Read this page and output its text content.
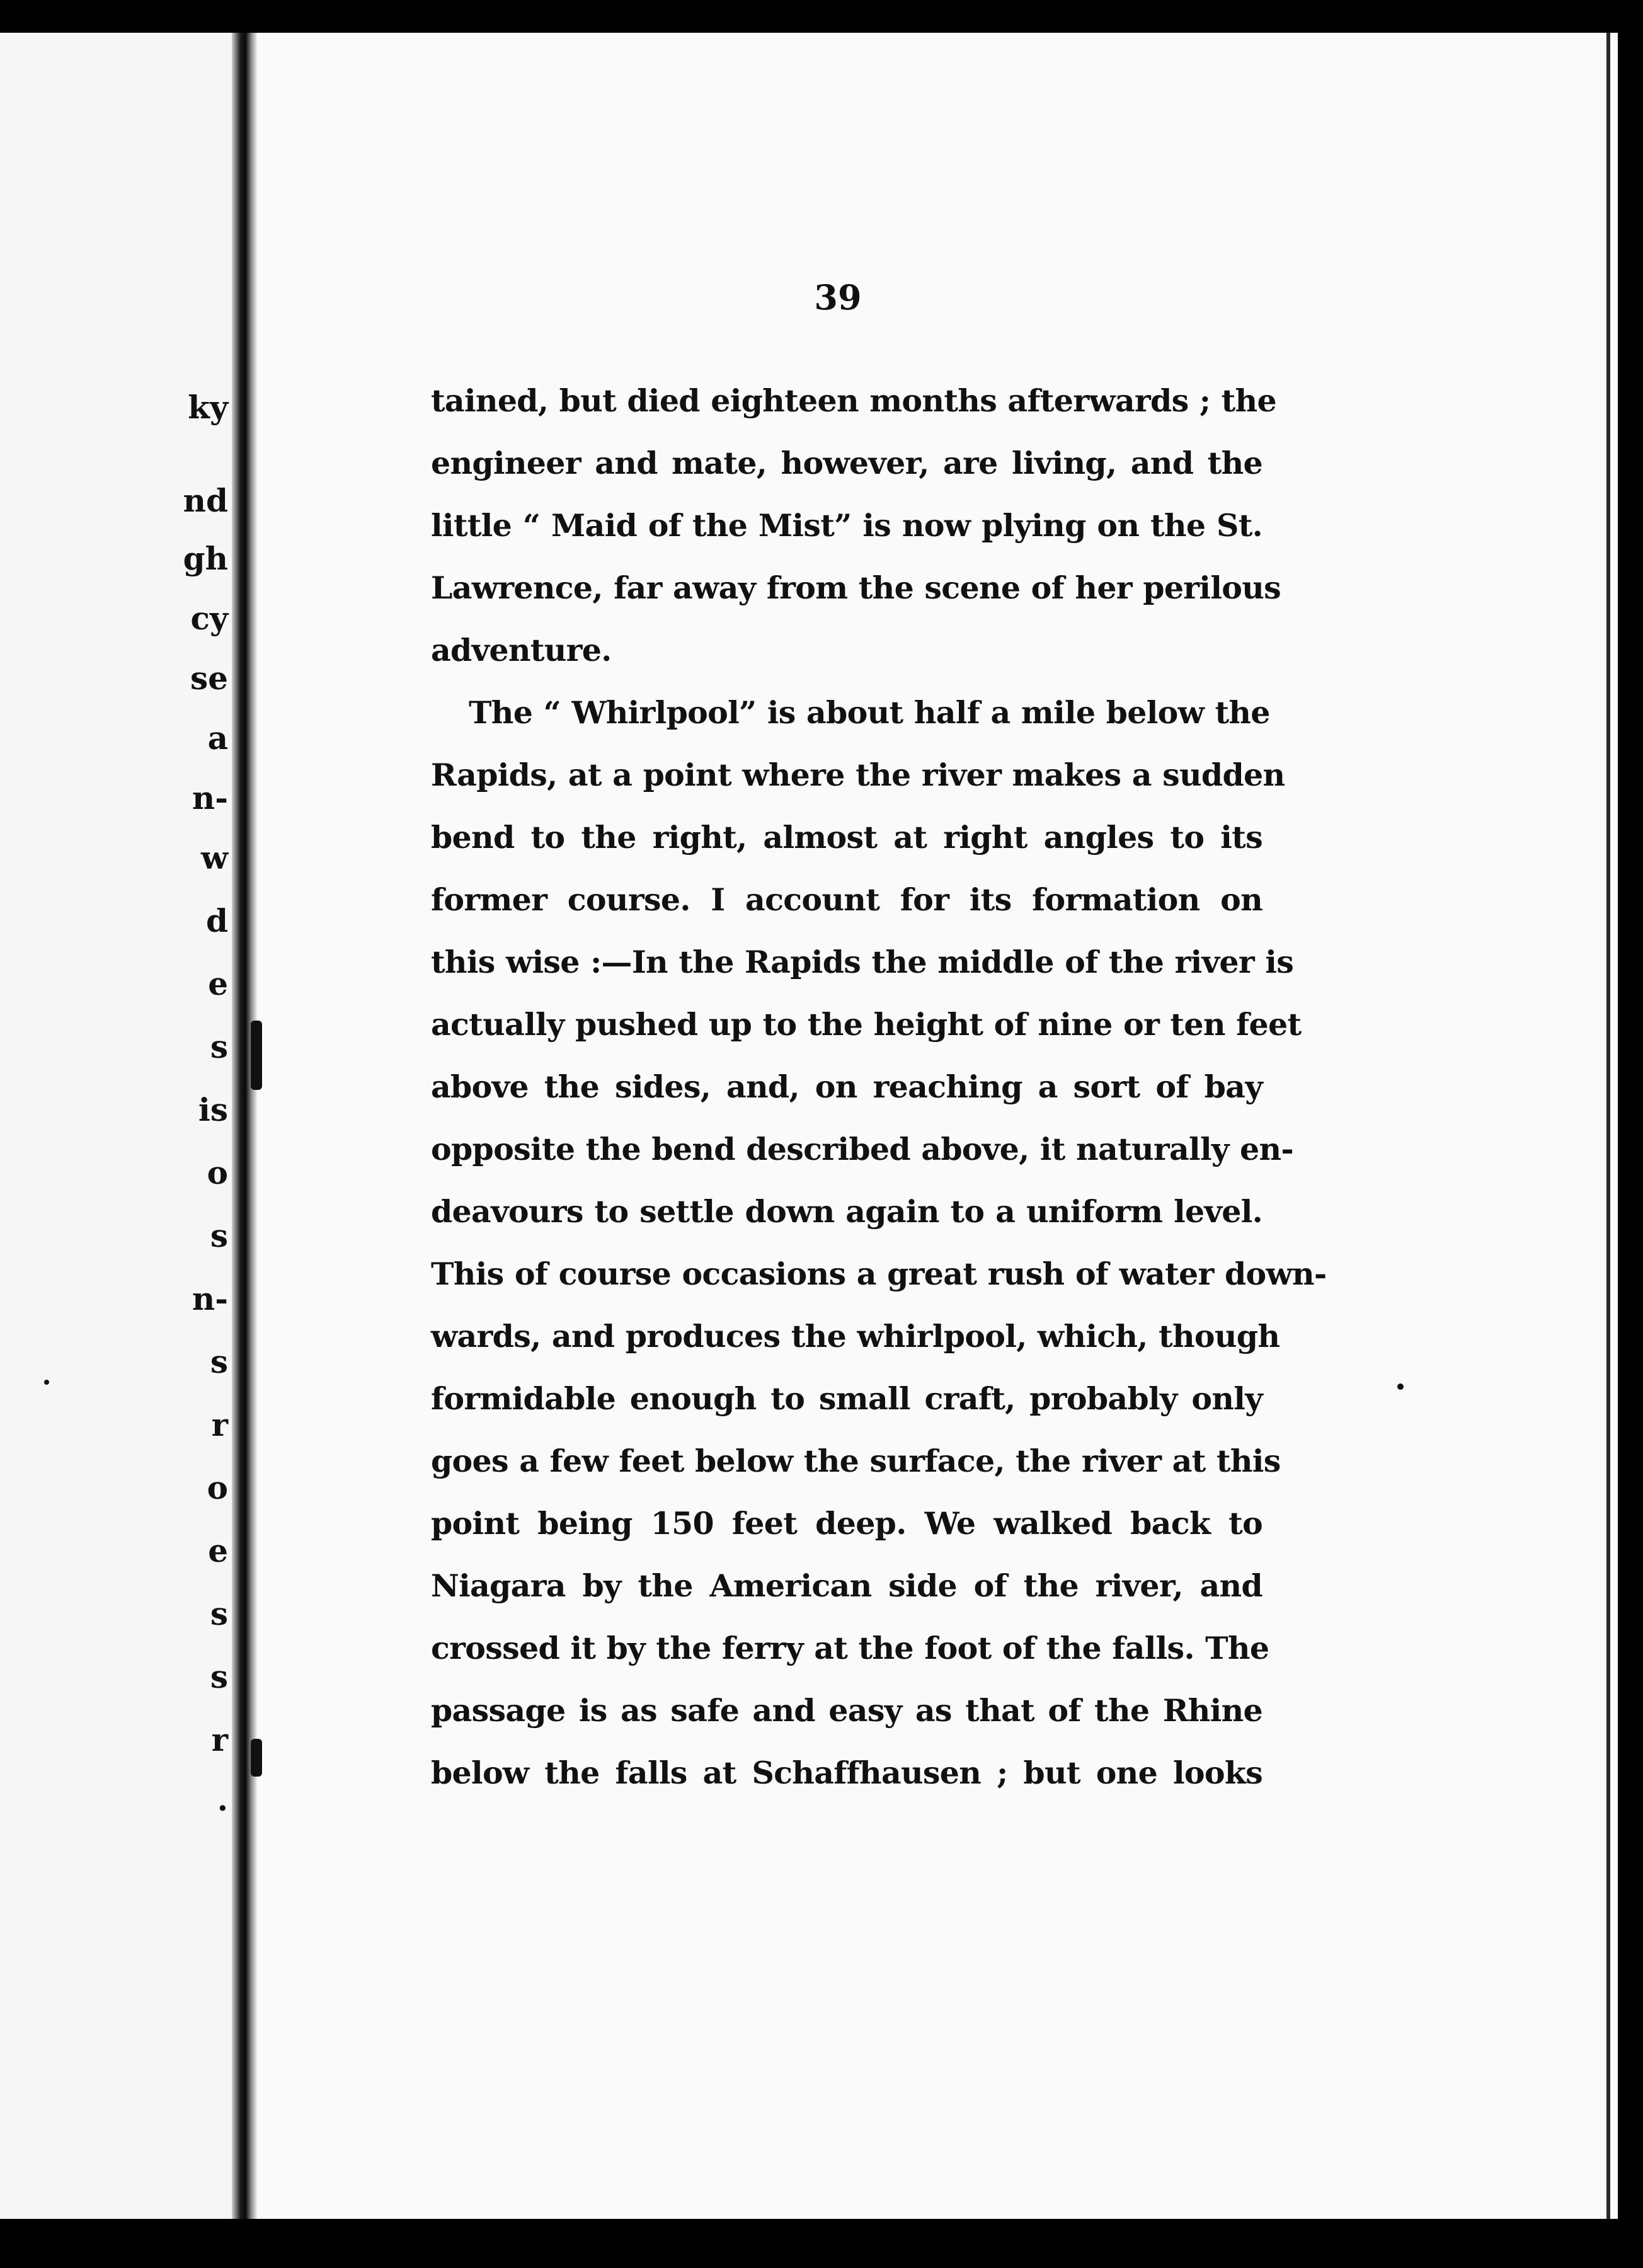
ky
nd
gh
cy
se
a
n-
w
d
e
s
is
o
s
n-
s
r
o
e
s
s
r
.
39
tained, but died eighteen months afterwards ; the
engineer and mate, however, are living, and the
little “ Maid of the Mist” is now plying on the St.
Lawrence, far away from the scene of her perilous
adventure.
The “ Whirlpool” is about half a mile below the
Rapids, at a point where the river makes a sudden
bend to the right, almost at right angles to its
former course. I account for its formation on
this wise :—In the Rapids the middle of the river is
actually pushed up to the height of nine or ten feet
above the sides, and, on reaching a sort of bay
opposite the bend described above, it naturally en-
deavours to settle down again to a uniform level.
This of course occasions a great rush of water down-
wards, and produces the whirlpool, which, though
formidable enough to small craft, probably only
goes a few feet below the surface, the river at this
point being 150 feet deep. We walked back to
Niagara by the American side of the river, and
crossed it by the ferry at the foot of the falls. The
passage is as safe and easy as that of the Rhine
below the falls at Schaffhausen ; but one looks
